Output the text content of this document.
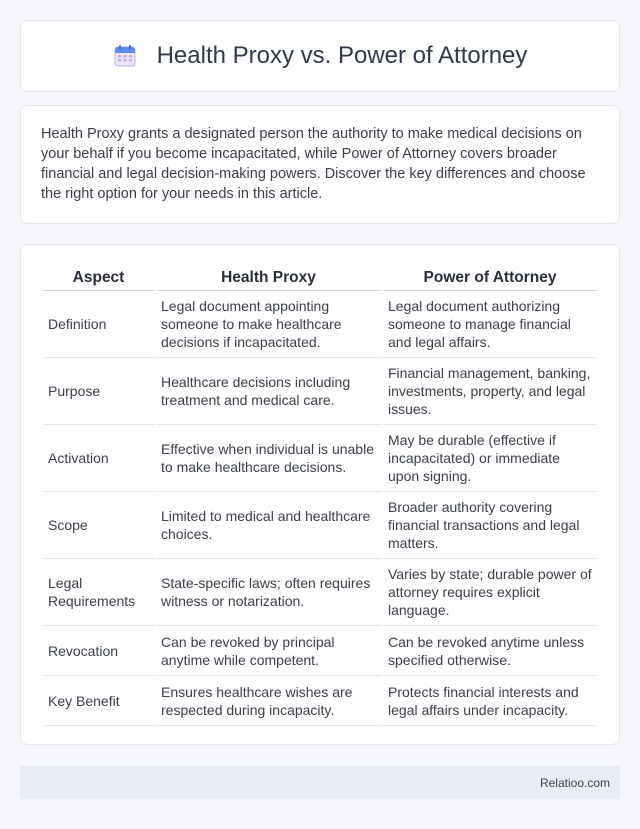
Health Proxy vs. Power of Attorney

Health Proxy grants a designated person the authority to make medical decisions on your behalf if you become incapacitated, while Power of Attorney covers broader financial and legal decision-making powers. Discover the key differences and choose the right option for your needs in this article.

Aspect	Health Proxy	Power of Attorney
Definition	Legal document appointing someone to make healthcare decisions if incapacitated.	Legal document authorizing someone to manage financial and legal affairs.
Purpose	Healthcare decisions including treatment and medical care.	Financial management, banking, investments, property, and legal issues.
Activation	Effective when individual is unable to make healthcare decisions.	May be durable (effective if incapacitated) or immediate upon signing.
Scope	Limited to medical and healthcare choices.	Broader authority covering financial transactions and legal matters.
Legal Requirements	State-specific laws; often requires witness or notarization.	Varies by state; durable power of attorney requires explicit language.
Revocation	Can be revoked by principal anytime while competent.	Can be revoked anytime unless specified otherwise.
Key Benefit	Ensures healthcare wishes are respected during incapacity.	Protects financial interests and legal affairs under incapacity.
Relatioo.com
